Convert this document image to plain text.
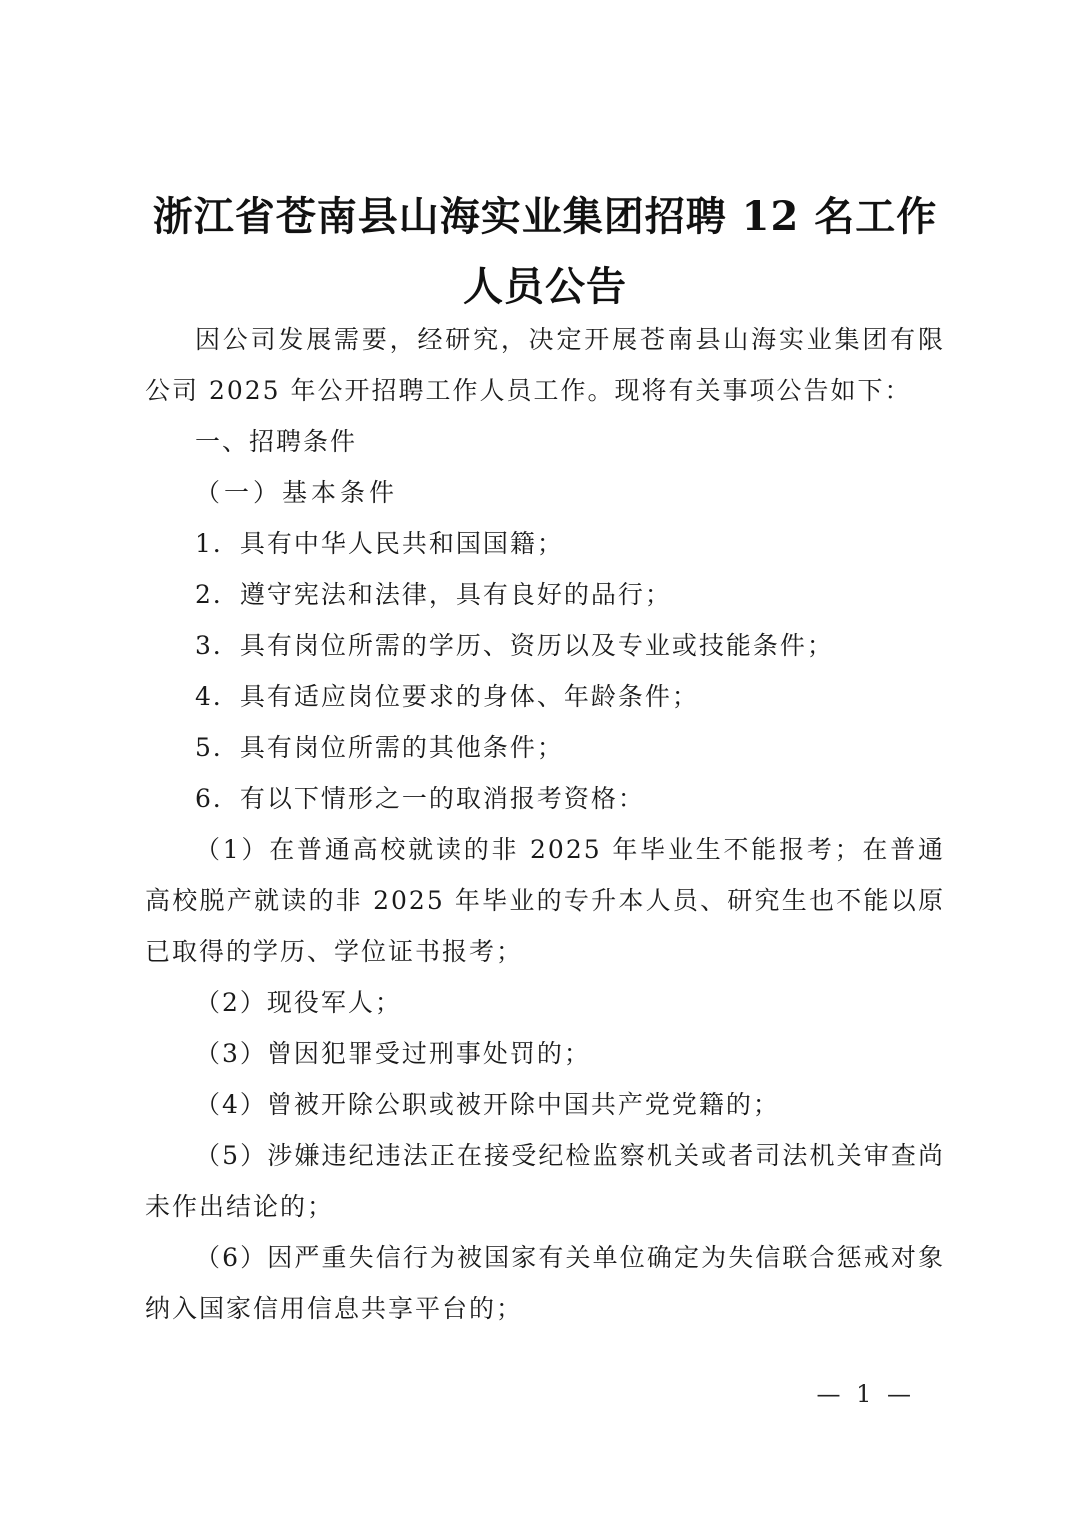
浙江省苍南县山海实业集团招聘 12 名工作人员公告

因公司发展需要，经研究，决定开展苍南县山海实业集团有限公司 2025 年公开招聘工作人员工作。现将有关事项公告如下：

一、招聘条件

（一）基本条件

1．具有中华人民共和国国籍；

2．遵守宪法和法律，具有良好的品行；

3．具有岗位所需的学历、资历以及专业或技能条件；

4．具有适应岗位要求的身体、年龄条件；

5．具有岗位所需的其他条件；

6．有以下情形之一的取消报考资格：

（1）在普通高校就读的非 2025 年毕业生不能报考；在普通高校脱产就读的非 2025 年毕业的专升本人员、研究生也不能以原已取得的学历、学位证书报考；

（2）现役军人；

（3）曾因犯罪受过刑事处罚的；

（4）曾被开除公职或被开除中国共产党党籍的；

（5）涉嫌违纪违法正在接受纪检监察机关或者司法机关审查尚未作出结论的；

（6）因严重失信行为被国家有关单位确定为失信联合惩戒对象纳入国家信用信息共享平台的；

— 1 —
